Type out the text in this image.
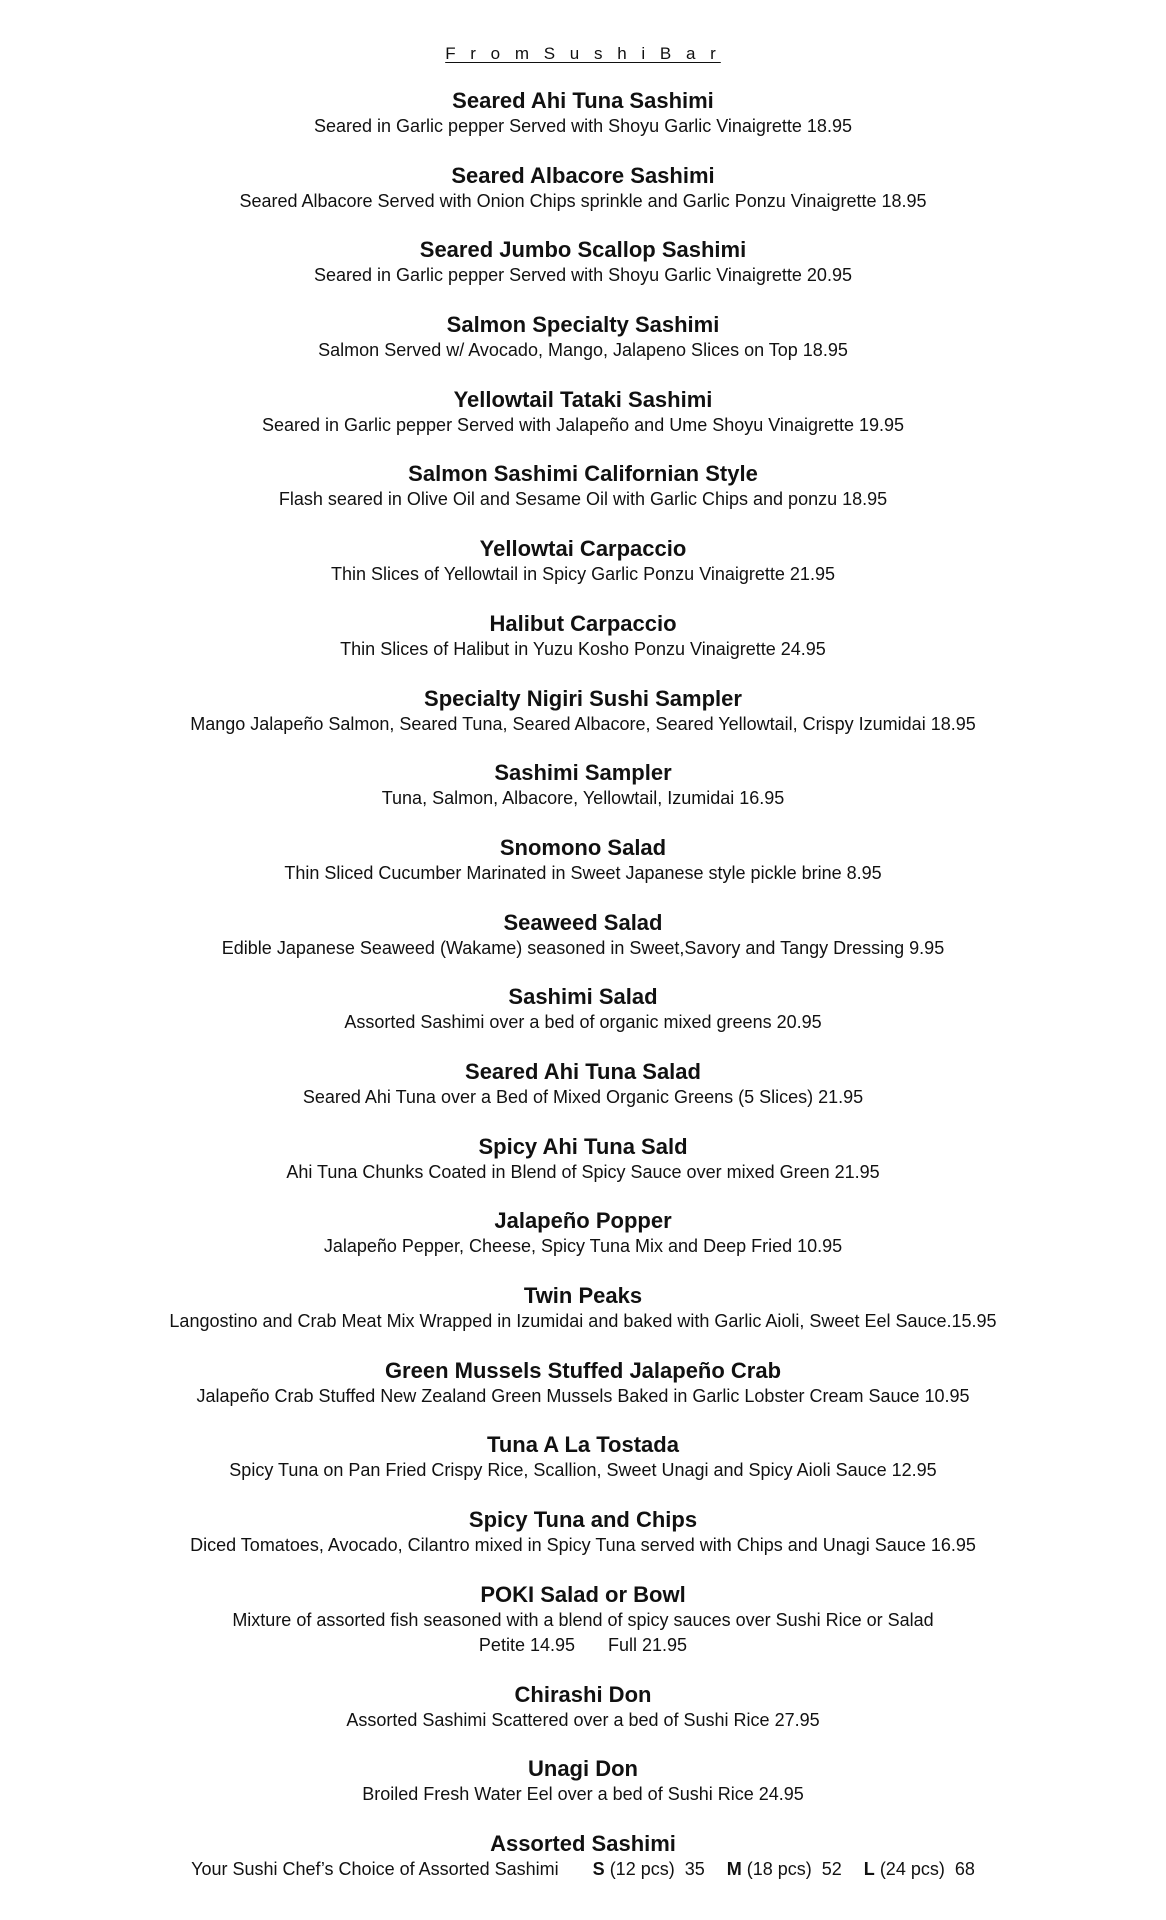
F r o m S u s h i B a r

Seared Ahi Tuna Sashimi

Seared in Garlic pepper Served with Shoyu Garlic Vinaigrette 18.95

Seared Albacore Sashimi

Seared Albacore Served with Onion Chips sprinkle and Garlic Ponzu Vinaigrette 18.95

Seared Jumbo Scallop Sashimi

Seared in Garlic pepper Served with Shoyu Garlic Vinaigrette 20.95

Salmon Specialty Sashimi

Salmon Served w/ Avocado, Mango, Jalapeno Slices on Top 18.95

Yellowtail Tataki Sashimi

Seared in Garlic pepper Served with Jalapeño and Ume Shoyu Vinaigrette 19.95

Salmon Sashimi Californian Style

Flash seared in Olive Oil and Sesame Oil with Garlic Chips and ponzu 18.95

Yellowtai Carpaccio

Thin Slices of Yellowtail in Spicy Garlic Ponzu Vinaigrette 21.95

Halibut Carpaccio

Thin Slices of Halibut in Yuzu Kosho Ponzu Vinaigrette 24.95

Specialty Nigiri Sushi Sampler

Mango Jalapeño Salmon, Seared Tuna, Seared Albacore, Seared Yellowtail, Crispy Izumidai 18.95

Sashimi Sampler

Tuna, Salmon, Albacore, Yellowtail, Izumidai 16.95

Snomono Salad

Thin Sliced Cucumber Marinated in Sweet Japanese style pickle brine 8.95

Seaweed Salad

Edible Japanese Seaweed (Wakame) seasoned in Sweet,Savory and Tangy Dressing 9.95

Sashimi Salad

Assorted Sashimi over a bed of organic mixed greens 20.95

Seared Ahi Tuna Salad

Seared Ahi Tuna over a Bed of Mixed Organic Greens (5 Slices) 21.95

Spicy Ahi Tuna Sald

Ahi Tuna Chunks Coated in Blend of Spicy Sauce over mixed Green 21.95

Jalapeño Popper

Jalapeño Pepper, Cheese, Spicy Tuna Mix and Deep Fried 10.95

Twin Peaks

Langostino and Crab Meat Mix Wrapped in Izumidai and baked with Garlic Aioli, Sweet Eel Sauce.15.95

Green Mussels Stuffed Jalapeño Crab

Jalapeño Crab Stuffed New Zealand Green Mussels Baked in Garlic Lobster Cream Sauce 10.95

Tuna A La Tostada

Spicy Tuna on Pan Fried Crispy Rice, Scallion, Sweet Unagi and Spicy Aioli Sauce 12.95

Spicy Tuna and Chips

Diced Tomatoes, Avocado, Cilantro mixed in Spicy Tuna served with Chips and Unagi Sauce 16.95

POKI Salad or Bowl

Mixture of assorted fish seasoned with a blend of spicy sauces over Sushi Rice or Salad

Petite 14.95 Full 21.95

Chirashi Don

Assorted Sashimi Scattered over a bed of Sushi Rice 27.95

Unagi Don

Broiled Fresh Water Eel over a bed of Sushi Rice 24.95

Assorted Sashimi

Your Sushi Chef’s Choice of Assorted Sashimi S (12 pcs)  35 M (18 pcs)  52 L (24 pcs)  68
